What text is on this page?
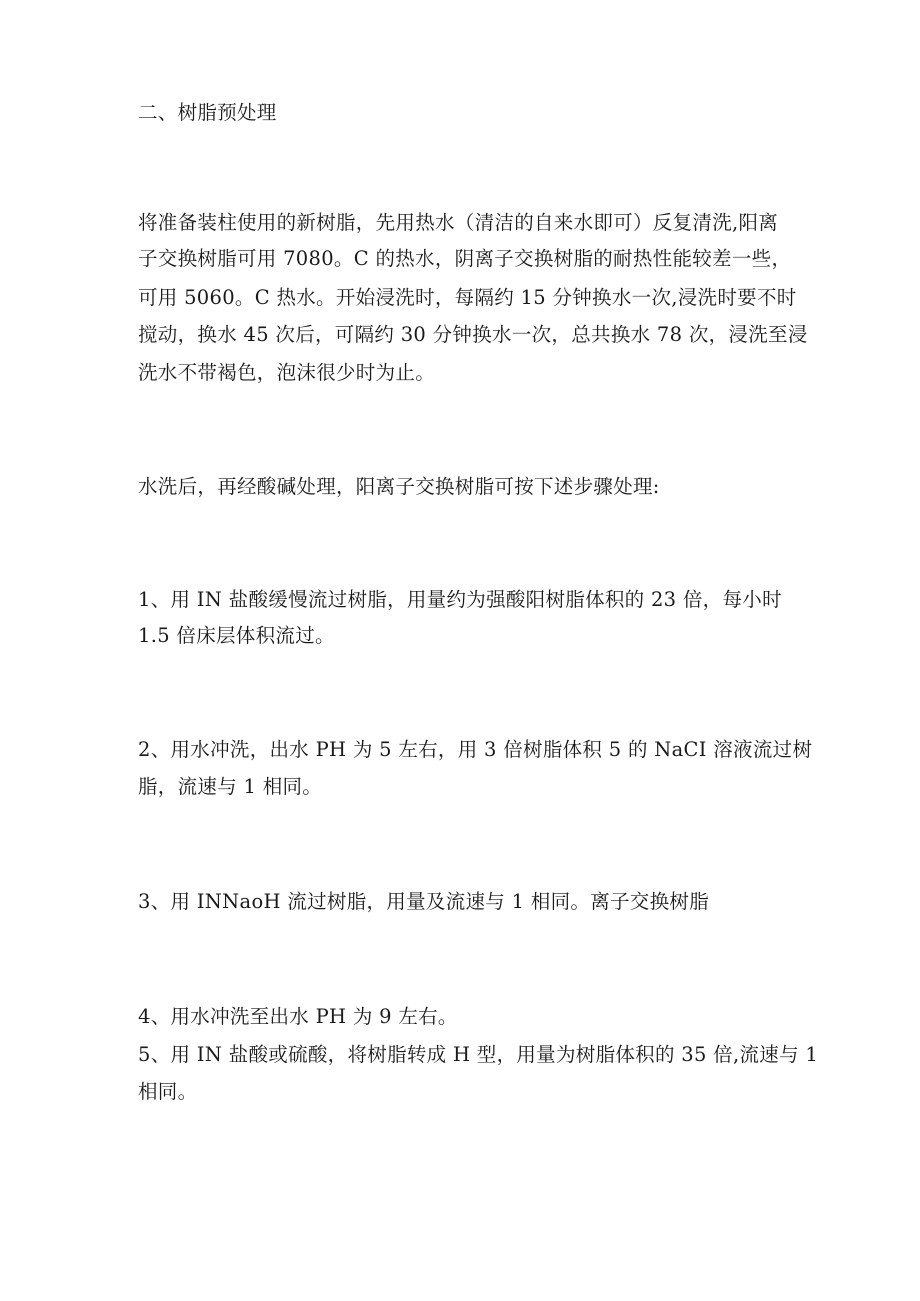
二、树脂预处理
将准备装柱使用的新树脂，先用热水（清洁的自来水即可）反复清洗,阳离
子交换树脂可用 7080。C 的热水，阴离子交换树脂的耐热性能较差一些，
可用 5060。C 热水。开始浸洗时，每隔约 15 分钟换水一次,浸洗时要不时
搅动，换水 45 次后，可隔约 30 分钟换水一次，总共换水 78 次，浸洗至浸
洗水不带褐色，泡沫很少时为止。
水洗后，再经酸碱处理，阳离子交换树脂可按下述步骤处理:
1、用 IN 盐酸缓慢流过树脂，用量约为强酸阳树脂体积的 23 倍，每小时
1.5 倍床层体积流过。
2、用水冲洗，出水 PH 为 5 左右，用 3 倍树脂体积 5 的 NaCI 溶液流过树
脂，流速与 1 相同。
3、用 INNaoH 流过树脂，用量及流速与 1 相同。离子交换树脂
4、用水冲洗至出水 PH 为 9 左右。
5、用 IN 盐酸或硫酸，将树脂转成 H 型，用量为树脂体积的 35 倍,流速与 1
相同。
